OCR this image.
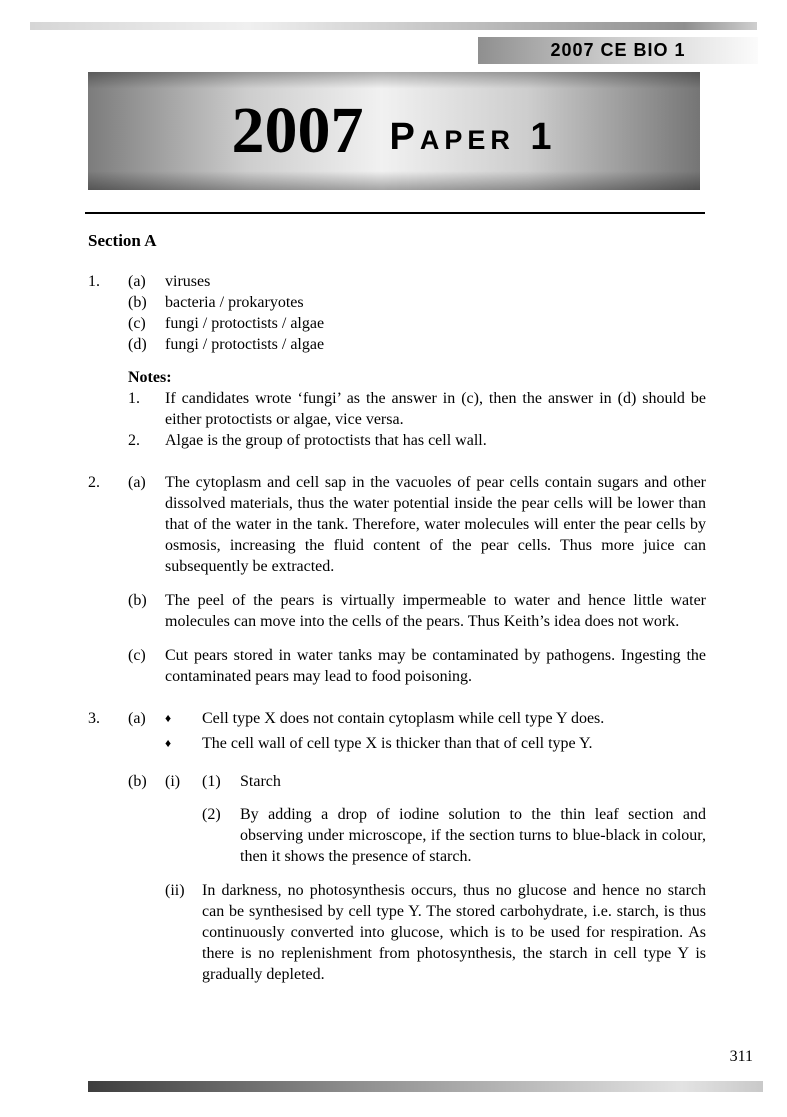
2007 CE BIO 1
2007 Paper 1
Section A
1.	(a)	viruses
(b)	bacteria / prokaryotes
(c)	fungi / protoctists / algae
(d)	fungi / protoctists / algae
Notes:
1.	If candidates wrote ‘fungi’ as the answer in (c), then the answer in (d) should be either protoctists or algae, vice versa.
2.	Algae is the group of protoctists that has cell wall.
2.	(a)	The cytoplasm and cell sap in the vacuoles of pear cells contain sugars and other dissolved materials, thus the water potential inside the pear cells will be lower than that of the water in the tank. Therefore, water molecules will enter the pear cells by osmosis, increasing the fluid content of the pear cells. Thus more juice can subsequently be extracted.
(b)	The peel of the pears is virtually impermeable to water and hence little water molecules can move into the cells of the pears. Thus Keith’s idea does not work.
(c)	Cut pears stored in water tanks may be contaminated by pathogens. Ingesting the contaminated pears may lead to food poisoning.
3.	(a)	♦	Cell type X does not contain cytoplasm while cell type Y does.
♦	The cell wall of cell type X is thicker than that of cell type Y.
(b)	(i)	(1)	Starch
(2)	By adding a drop of iodine solution to the thin leaf section and observing under microscope, if the section turns to blue-black in colour, then it shows the presence of starch.
(ii)	In darkness, no photosynthesis occurs, thus no glucose and hence no starch can be synthesised by cell type Y. The stored carbohydrate, i.e. starch, is thus continuously converted into glucose, which is to be used for respiration. As there is no replenishment from photosynthesis, the starch in cell type Y is gradually depleted.
311
